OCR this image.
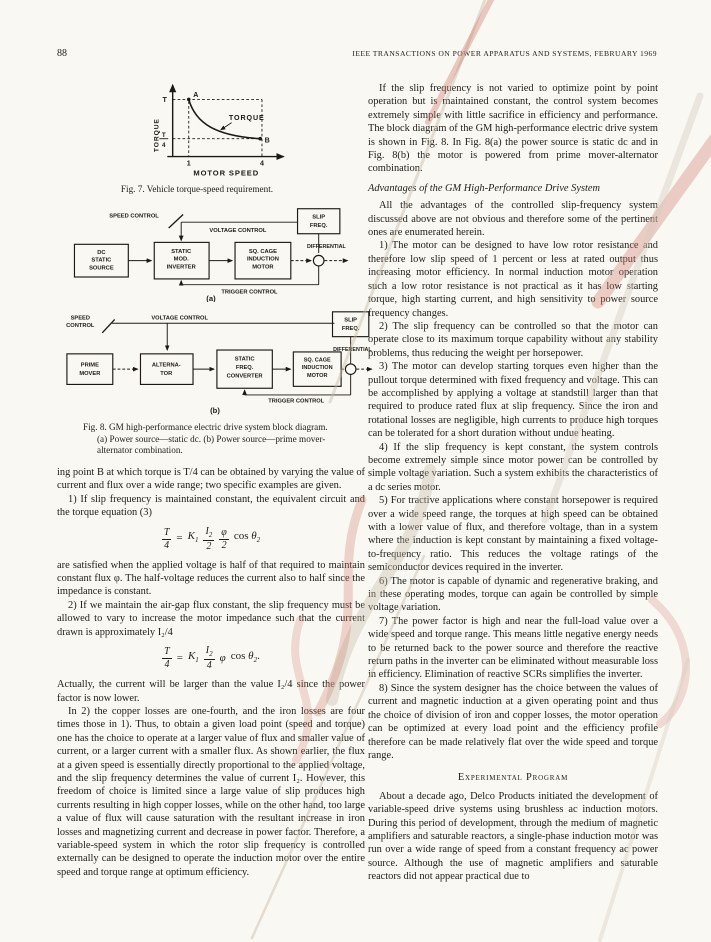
88	IEEE TRANSACTIONS ON POWER APPARATUS AND SYSTEMS, FEBRUARY 1969
A
B
TORQUE
TORQUE
T
T
4
1	4
MOTOR SPEED
Fig. 7. Vehicle torque-speed requirement.
SPEED CONTROL
VOLTAGE CONTROL
SLIP
FREQ.
DC
STATIC
SOURCE
STATIC
MOD.
INVERTER
SQ. CAGE
INDUCTION
MOTOR
DIFFERENTIAL
TRIGGER CONTROL
(a)
SPEED
CONTROL
VOLTAGE CONTROL	SLIP
FREQ.
PRIME
MOVER
ALTERNA-
TOR
STATIC
FREQ.
CONVERTER
SQ. CAGE
INDUCTION
MOTOR
DIFFERENTIAL
TRIGGER CONTROL
(b)
Fig. 8. GM high-performance electric drive system block diagram.
(a) Power source—static dc. (b) Power source—prime mover-
alternator combination.

ing point B at which torque is T/4 can be obtained by varying the value of current and flux over a wide range; two specific examples are given.

1) If slip frequency is maintained constant, the equivalent circuit and the torque equation (3)

$\frac{T}{4} = K_1 \frac{I_2}{2} \frac{\varphi}{2}$ $\cos \theta_2$

are satisfied when the applied voltage is half of that required to maintain constant flux φ. The half-voltage reduces the current also to half since the impedance is constant.

2) If we maintain the air-gap flux constant, the slip frequency must be allowed to vary to increase the motor impedance such that the current drawn is approximately I₂/4

$\frac{T}{4} = K_1 \frac{I_2}{4}$ φ $\cos \theta_2$.

Actually, the current will be larger than the value I₂/4 since the power factor is now lower.

In 2) the copper losses are one-fourth, and the iron losses are four times those in 1). Thus, to obtain a given load point (speed and torque) one has the choice to operate at a larger value of flux and smaller value of current, or a larger current with a smaller flux. As shown earlier, the flux at a given speed is essentially directly proportional to the applied voltage, and the slip frequency determines the value of current I₂. However, this freedom of choice is limited since a large value of slip produces high currents resulting in high copper losses, while on the other hand, too large a value of flux will cause saturation with the resultant increase in iron losses and magnetizing current and decrease in power factor. Therefore, a variable-speed system in which the rotor slip frequency is controlled externally can be designed to operate the induction motor over the entire speed and torque range at optimum efficiency.

If the slip frequency is not varied to optimize point by point operation but is maintained constant, the control system becomes extremely simple with little sacrifice in efficiency and performance. The block diagram of the GM high-performance electric drive system is shown in Fig. 8. In Fig. 8(a) the power source is static dc and in Fig. 8(b) the motor is powered from prime mover-alternator combination.

Advantages of the GM High-Performance Drive System

All the advantages of the controlled slip-frequency system discussed above are not obvious and therefore some of the pertinent ones are enumerated herein.

1) The motor can be designed to have low rotor resistance and therefore low slip speed of 1 percent or less at rated output thus increasing motor efficiency. In normal induction motor operation such a low rotor resistance is not practical as it has low starting torque, high starting current, and high sensitivity to power source frequency changes.

2) The slip frequency can be controlled so that the motor can operate close to its maximum torque capability without any stability problems, thus reducing the weight per horsepower.

3) The motor can develop starting torques even higher than the pullout torque determined with fixed frequency and voltage. This can be accomplished by applying a voltage at standstill larger than that required to produce rated flux at slip frequency. Since the iron and rotational losses are negligible, high currents to produce high torques can be tolerated for a short duration without undue heating.

4) If the slip frequency is kept constant, the system controls become extremely simple since motor power can be controlled by simple voltage variation. Such a system exhibits the characteristics of a dc series motor.

5) For tractive applications where constant horsepower is required over a wide speed range, the torques at high speed can be obtained with a lower value of flux, and therefore voltage, than in a system where the induction is kept constant by maintaining a fixed voltage-to-frequency ratio. This reduces the voltage ratings of the semiconductor devices required in the inverter.

6) The motor is capable of dynamic and regenerative braking, and in these operating modes, torque can again be controlled by simple voltage variation.

7) The power factor is high and near the full-load value over a wide speed and torque range. This means little negative energy needs to be returned back to the power source and therefore the reactive return paths in the inverter can be eliminated without measurable loss in efficiency. Elimination of reactive SCRs simplifies the inverter.

8) Since the system designer has the choice between the values of current and magnetic induction at a given operating point and thus the choice of division of iron and copper losses, the motor operation can be optimized at every load point and the efficiency profile therefore can be made relatively flat over the wide speed and torque range.

Experimental Program

About a decade ago, Delco Products initiated the development of variable-speed drive systems using brushless ac induction motors. During this period of development, through the medium of magnetic amplifiers and saturable reactors, a single-phase induction motor was run over a wide range of speed from a constant frequency ac power source. Although the use of magnetic amplifiers and saturable reactors did not appear practical due to
